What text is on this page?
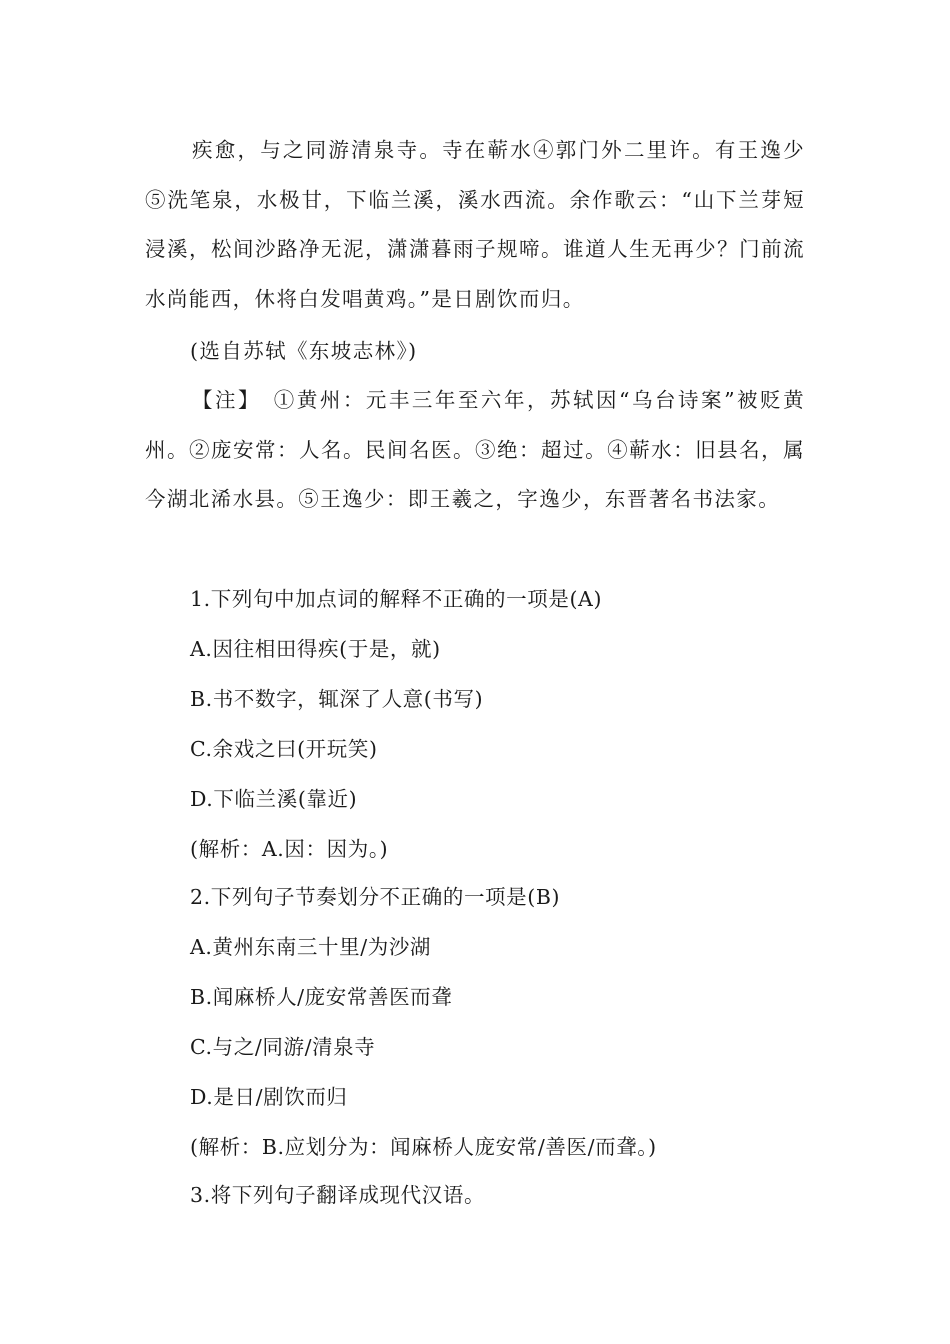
疾愈，与之同游清泉寺。寺在蕲水④郭门外二里许。有王逸少⑤洗笔泉，水极甘，下临兰溪，溪水西流。余作歌云：“山下兰芽短浸溪，松间沙路净无泥，潇潇暮雨子规啼。谁道人生无再少？门前流水尚能西，休将白发唱黄鸡。”是日剧饮而归。

(选自苏轼《东坡志林》)

【注】　①黄州：元丰三年至六年，苏轼因“乌台诗案”被贬黄州。②庞安常：人名。民间名医。③绝：超过。④蕲水：旧县名，属今湖北浠水县。⑤王逸少：即王羲之，字逸少，东晋著名书法家。

1.下列句中加点词的解释不正确的一项是(A)

A.因往相田得疾(于是，就)

B.书不数字，辄深了人意(书写)

C.余戏之曰(开玩笑)

D.下临兰溪(靠近)

(解析：A.因：因为。)

2.下列句子节奏划分不正确的一项是(B)

A.黄州东南三十里/为沙湖

B.闻麻桥人/庞安常善医而聋

C.与之/同游/清泉寺

D.是日/剧饮而归

(解析：B.应划分为：闻麻桥人庞安常/善医/而聋。)

3.将下列句子翻译成现代汉语。
